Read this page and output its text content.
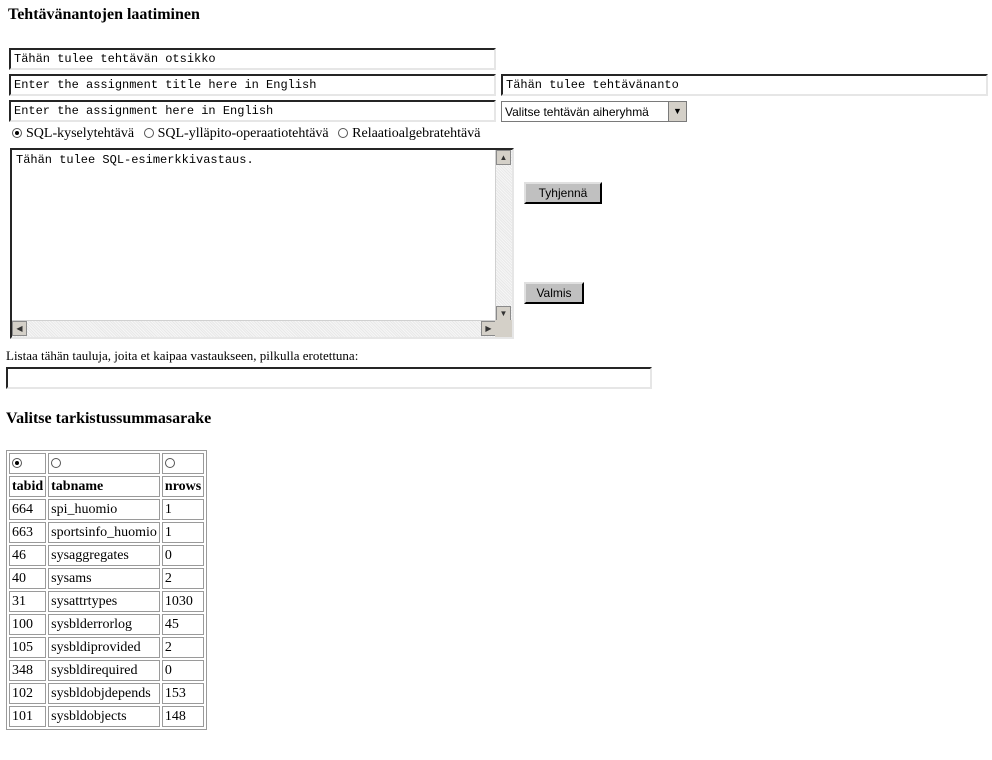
Tehtävänantojen laatiminen
Tähän tulee tehtävän otsikko
Enter the assignment title here in English
Tähän tulee tehtävänanto
Enter the assignment here in English
Valitse tehtävän aiheryhmä	▼
SQL-kyselytehtävä SQL-ylläpito-operaatiotehtävä Relaatioalgebratehtävä
Tähän tulee SQL-esimerkkivastaus.	▲
▼
◀	▶
Tyhjennä
Valmis
Listaa tähän tauluja, joita et kaipaa vastaukseen, pilkulla erotettuna:
Valitse tarkistussummasarake

tabid	tabname	nrows
664	spi_huomio	1
663	sportsinfo_huomio	1
46	sysaggregates	0
40	sysams	2
31	sysattrtypes	1030
100	sysblderrorlog	45
105	sysbldiprovided	2
348	sysbldirequired	0
102	sysbldobjdepends	153
101	sysbldobjects	148
